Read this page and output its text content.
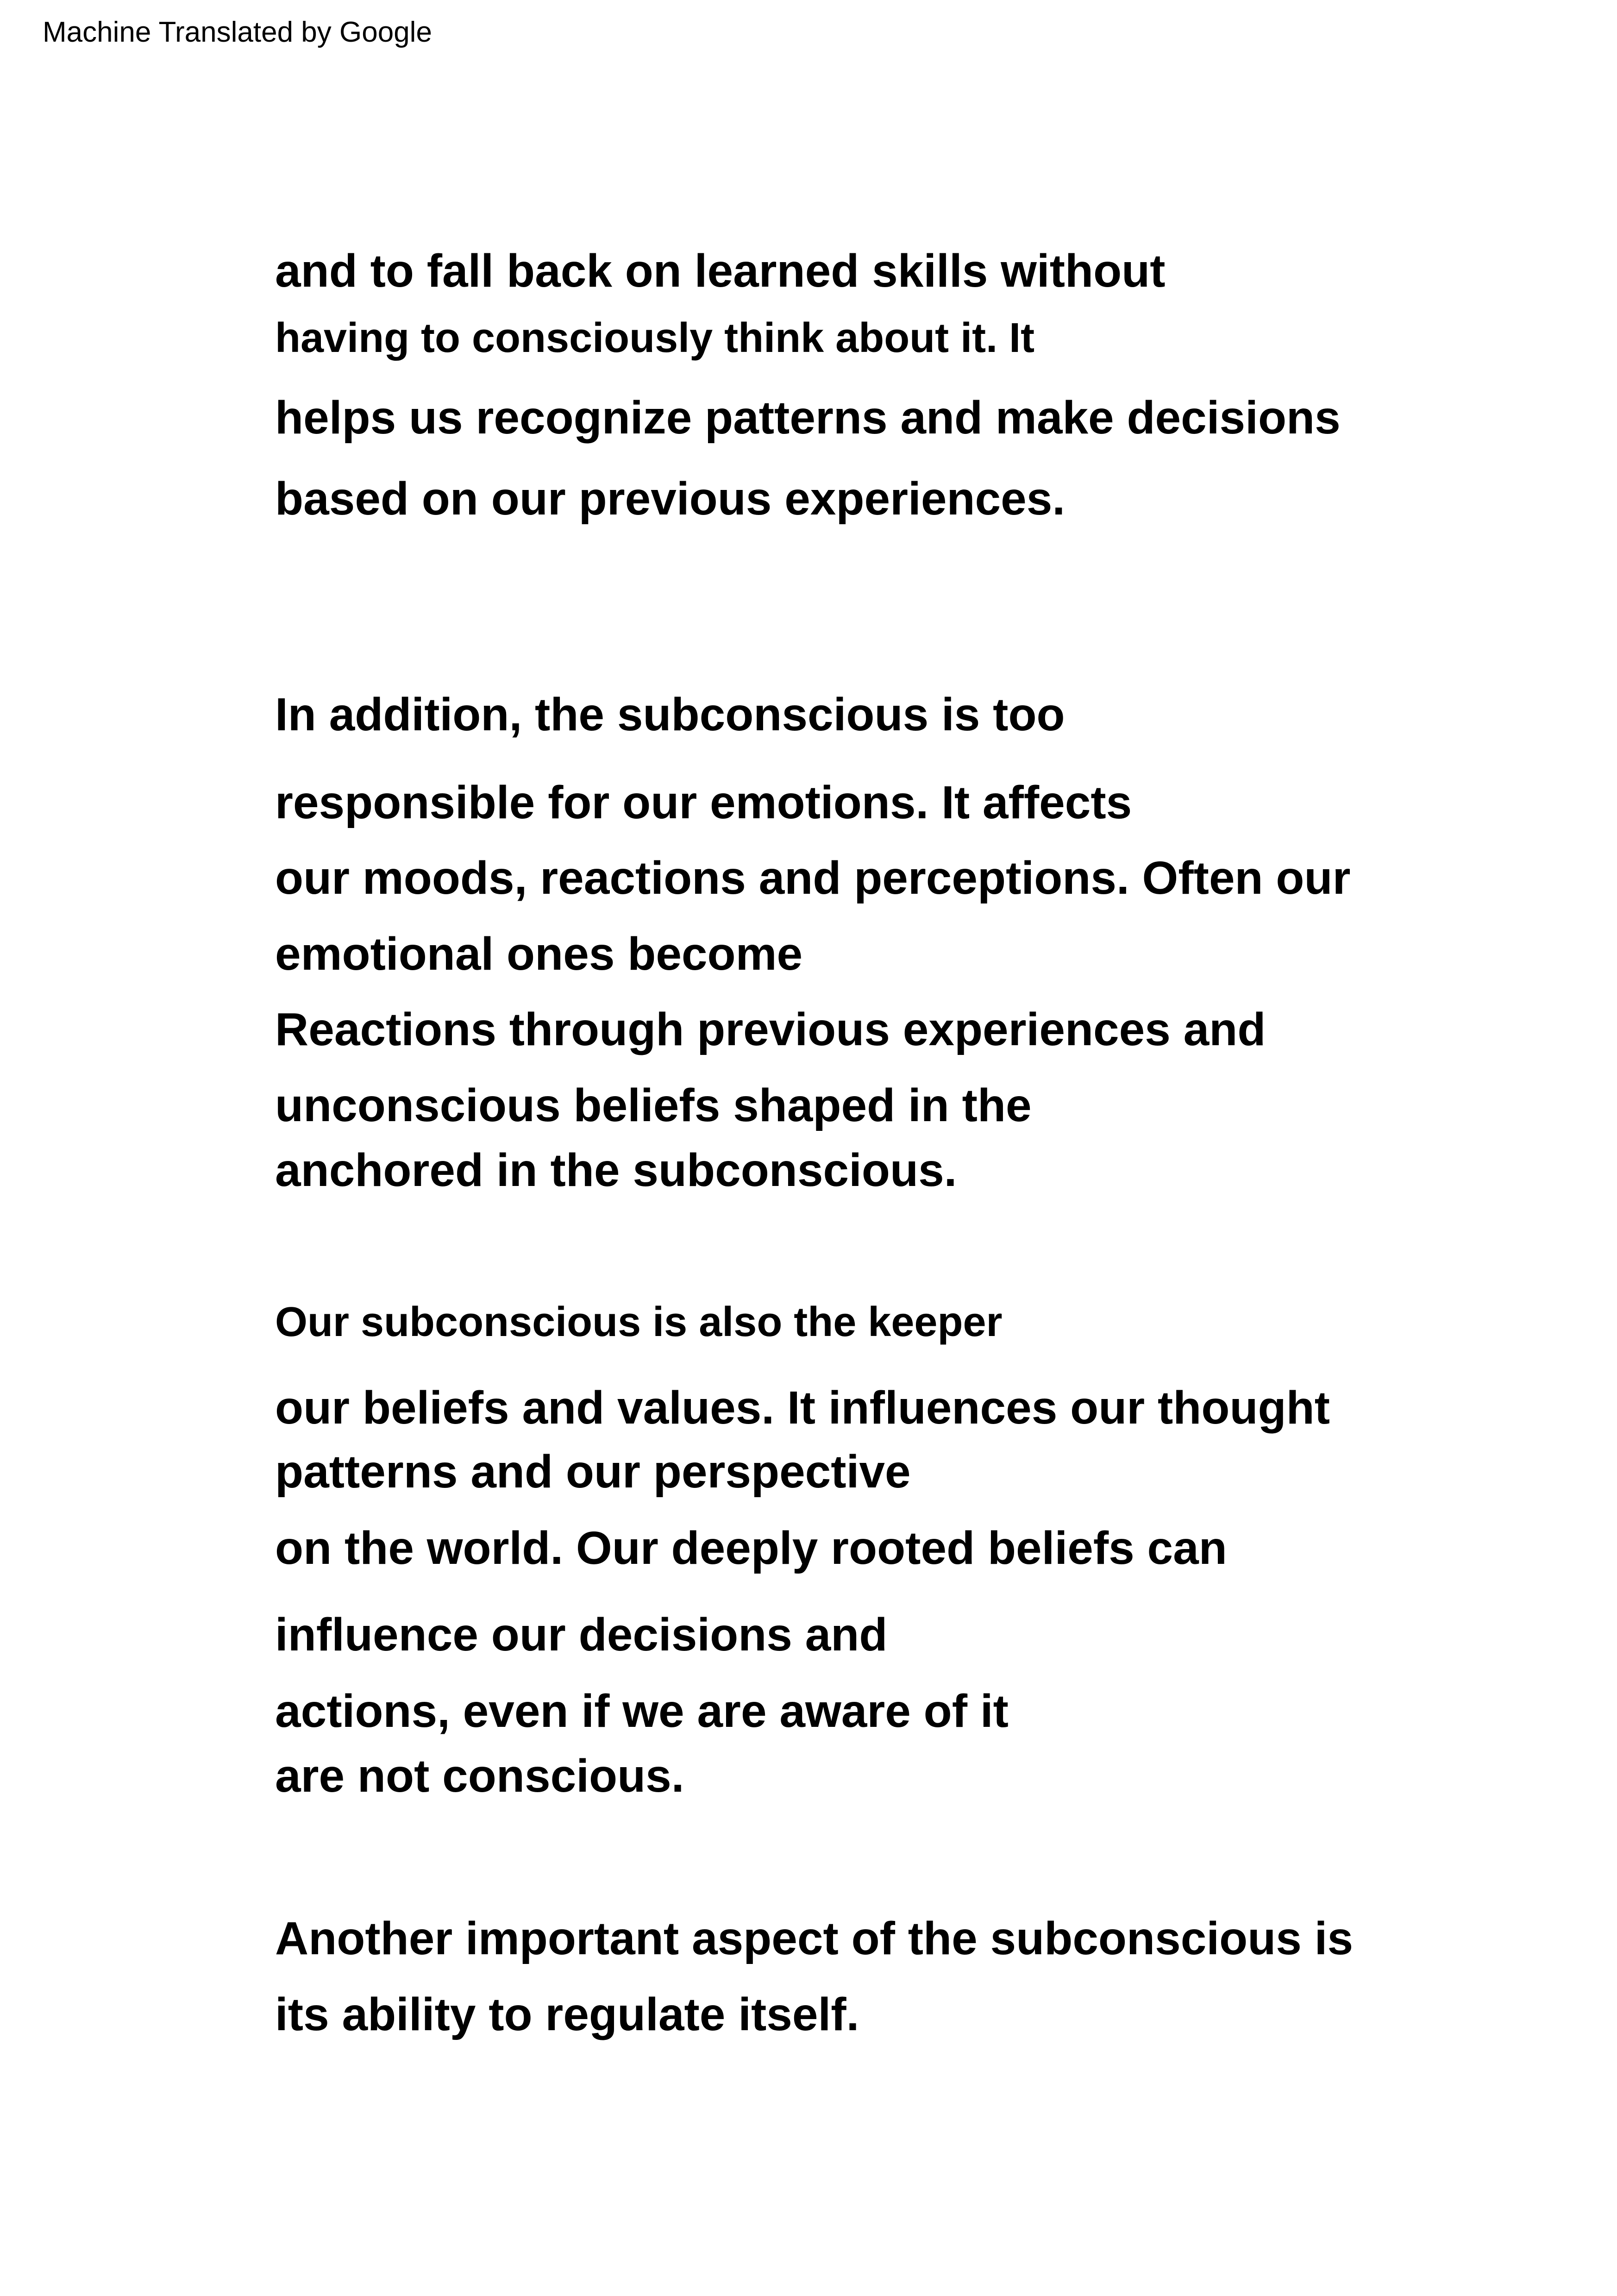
Machine Translated by Google
and to fall back on learned skills without
having to consciously think about it. It
helps us recognize patterns and make decisions
based on our previous experiences.
In addition, the subconscious is too
responsible for our emotions. It affects
our moods, reactions and perceptions. Often our
emotional ones become
Reactions through previous experiences and
unconscious beliefs shaped in the
anchored in the subconscious.
Our subconscious is also the keeper
our beliefs and values. It influences our thought
patterns and our perspective
on the world. Our deeply rooted beliefs can
influence our decisions and
actions, even if we are aware of it
are not conscious.
Another important aspect of the subconscious is
its ability to regulate itself.
